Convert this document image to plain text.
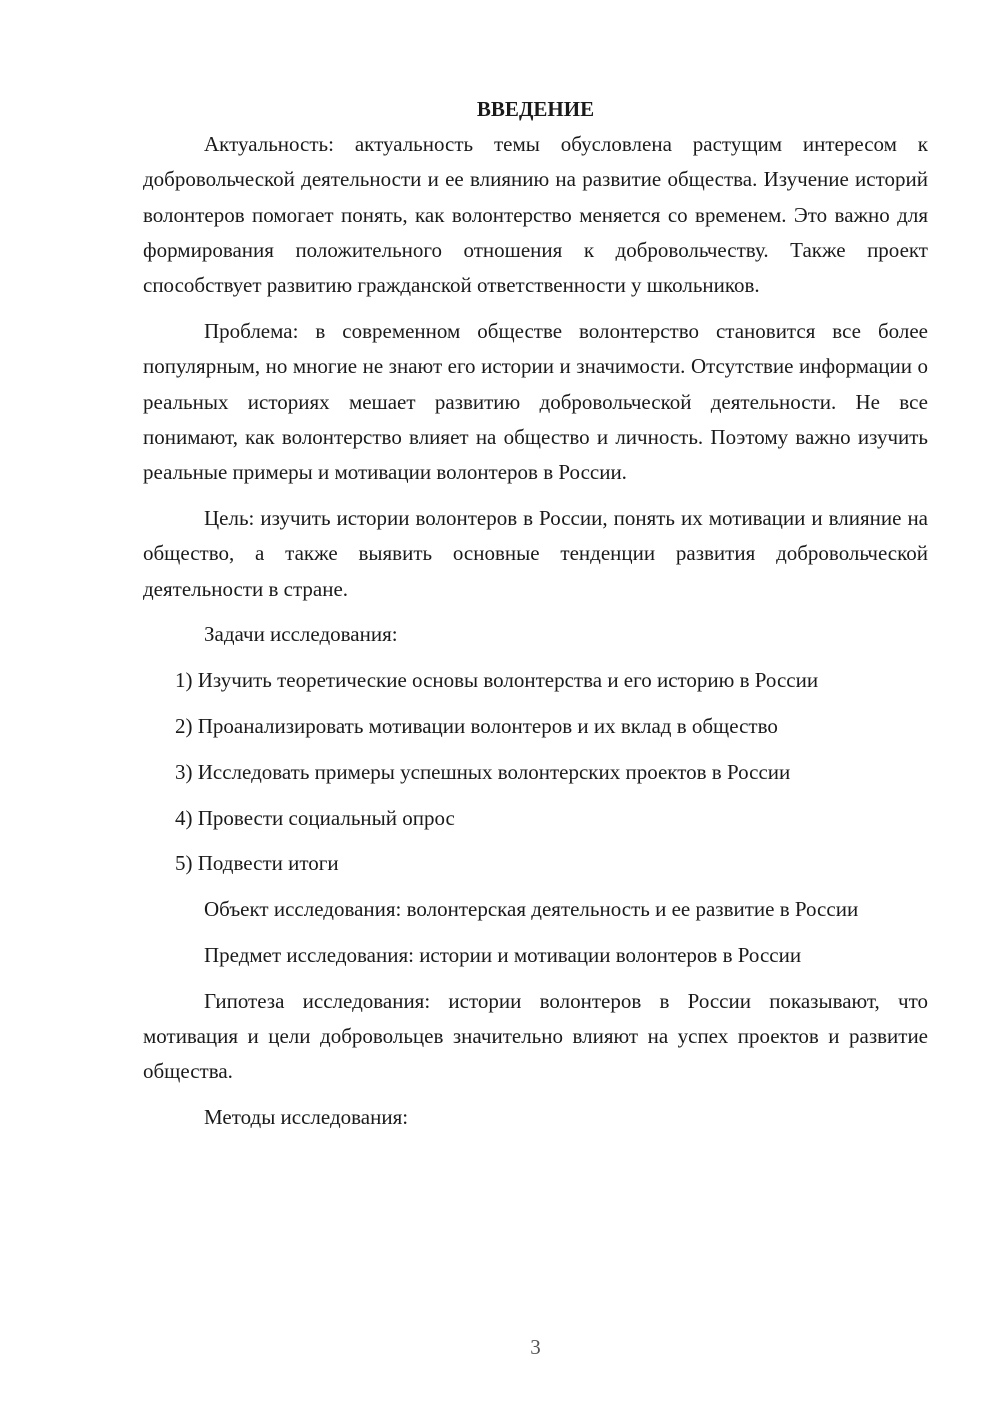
ВВЕДЕНИЕ

Актуальность: актуальность темы обусловлена растущим интересом к добровольческой деятельности и ее влиянию на развитие общества. Изучение историй волонтеров помогает понять, как волонтерство меняется со временем. Это важно для формирования положительного отношения к добровольчеству. Также проект способствует развитию гражданской ответственности у школьников.

Проблема: в современном обществе волонтерство становится все более популярным, но многие не знают его истории и значимости. Отсутствие информации о реальных историях мешает развитию добровольческой деятельности. Не все понимают, как волонтерство влияет на общество и личность. Поэтому важно изучить реальные примеры и мотивации волонтеров в России.

Цель: изучить истории волонтеров в России, понять их мотивации и влияние на общество, а также выявить основные тенденции развития добровольческой деятельности в стране.

Задачи исследования:

1) Изучить теоретические основы волонтерства и его историю в России

2) Проанализировать мотивации волонтеров и их вклад в общество

3) Исследовать примеры успешных волонтерских проектов в России

4) Провести социальный опрос

5) Подвести итоги

Объект исследования: волонтерская деятельность и ее развитие в России

Предмет исследования: истории и мотивации волонтеров в России

Гипотеза исследования: истории волонтеров в России показывают, что мотивация и цели добровольцев значительно влияют на успех проектов и развитие общества.

Методы исследования:

3
